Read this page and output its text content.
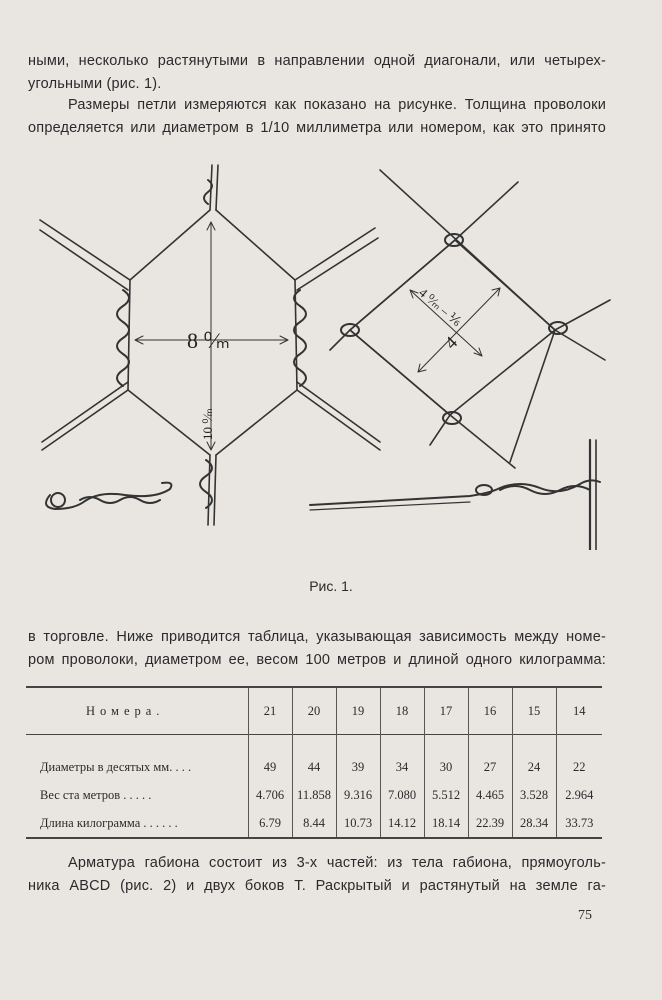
ными, несколько растянутыми в направлении одной диагонали, или четырех-
угольными (рис. 1).

Размеры петли измеряются как показано на рисунке. Толщина проволоки
определяется или диаметром в 1/10 миллиметра или номером, как это принято

8 ⁰⁄ₘ
10 ⁰⁄ₘ
4 ⁰⁄ₘ – ⅙
4
Рис. 1.

в торговле. Ниже приводится таблица, указывающая зависимость между номе-
ром проволоки, диаметром ее, весом 100 метров и длиной одного килограмма:

Номера.	21	20	19	18	17	16	15	14
Диаметры в десятых мм. . . .	49	44	39	34	30	27	24	22
Вес ста метров . . . . .	4.706	11.858	9.316	7.080	5.512	4.465	3.528	2.964
Длина килограмма . . . . . .	6.79	8.44	10.73	14.12	18.14	22.39	28.34	33.73

Арматура габиона состоит из 3-х частей: из тела габиона, прямоуголь-
ника ABCD (рис. 2) и двух боков Т. Раскрытый и растянутый на земле га-

75
